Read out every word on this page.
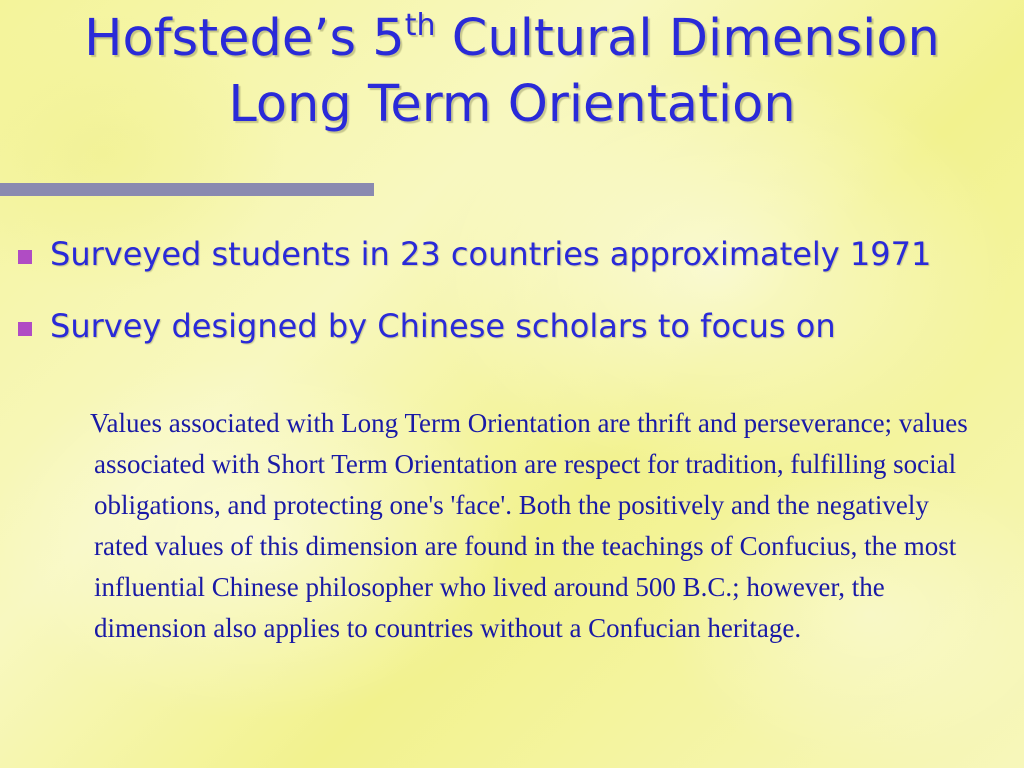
Hofstede’s 5th Cultural Dimension
Long Term Orientation
Surveyed students in 23 countries approximately 1971
Survey designed by Chinese scholars to focus on
Values associated with Long Term Orientation are thrift and perseverance; values associated with Short Term Orientation are respect for tradition, fulfilling social obligations, and protecting one's 'face'. Both the positively and the negatively rated values of this dimension are found in the teachings of Confucius, the most influential Chinese philosopher who lived around 500 B.C.; however, the dimension also applies to countries without a Confucian heritage.
